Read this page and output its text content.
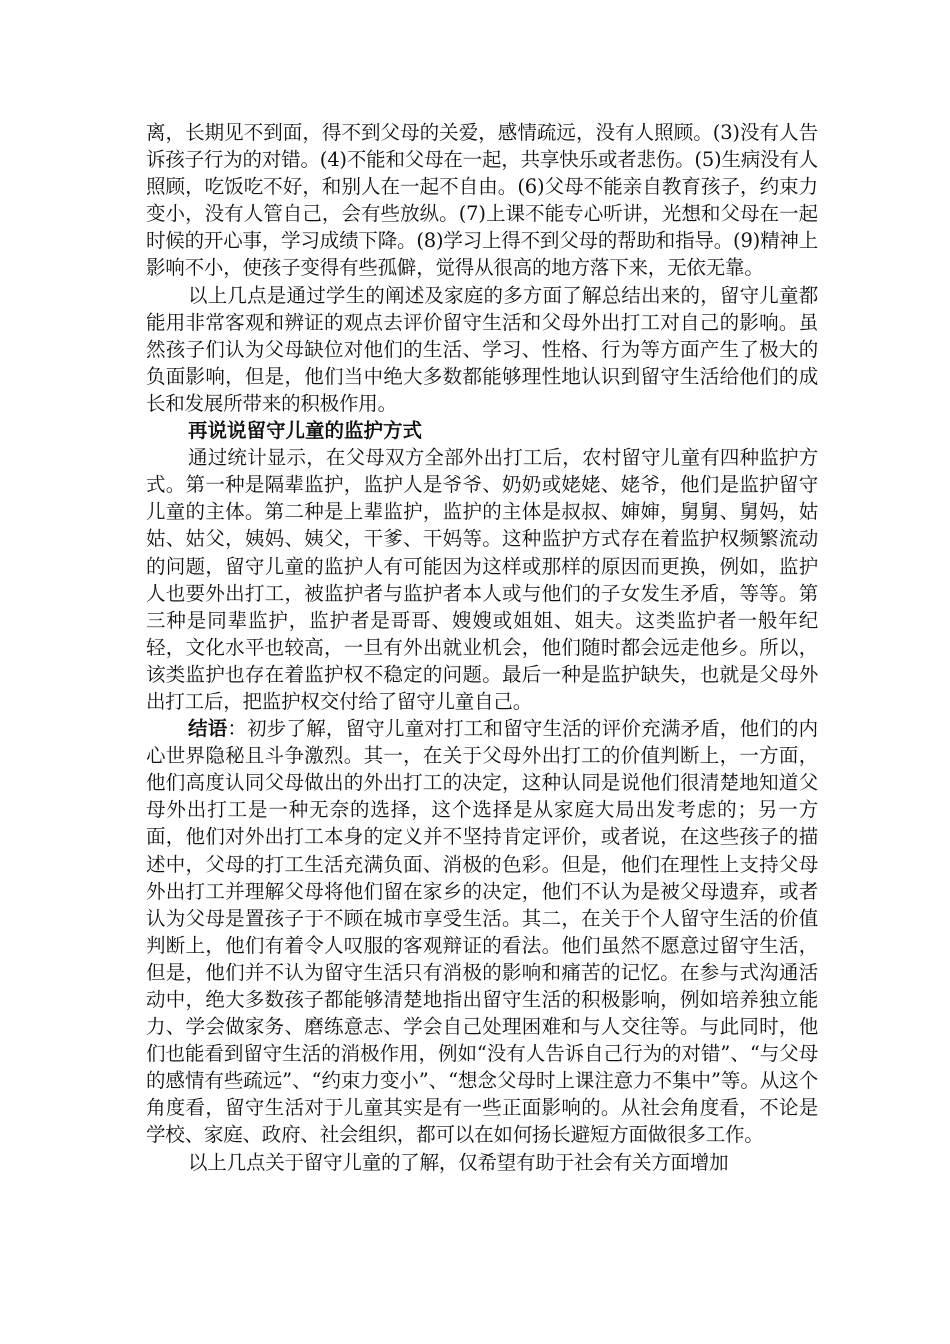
离，长期见不到面，得不到父母的关爱，感情疏远，没有人照顾。(3)没有人告诉孩子行为的对错。(4)不能和父母在一起，共享快乐或者悲伤。(5)生病没有人照顾，吃饭吃不好，和别人在一起不自由。(6)父母不能亲自教育孩子，约束力变小，没有人管自己，会有些放纵。(7)上课不能专心听讲，光想和父母在一起时候的开心事，学习成绩下降。(8)学习上得不到父母的帮助和指导。(9)精神上影响不小，使孩子变得有些孤僻，觉得从很高的地方落下来，无依无靠。

以上几点是通过学生的阐述及家庭的多方面了解总结出来的，留守儿童都能用非常客观和辨证的观点去评价留守生活和父母外出打工对自己的影响。虽然孩子们认为父母缺位对他们的生活、学习、性格、行为等方面产生了极大的负面影响，但是，他们当中绝大多数都能够理性地认识到留守生活给他们的成长和发展所带来的积极作用。

再说说留守儿童的监护方式

通过统计显示，在父母双方全部外出打工后，农村留守儿童有四种监护方式。第一种是隔辈监护，监护人是爷爷、奶奶或姥姥、姥爷，他们是监护留守儿童的主体。第二种是上辈监护，监护的主体是叔叔、婶婶，舅舅、舅妈，姑姑、姑父，姨妈、姨父，干爹、干妈等。这种监护方式存在着监护权频繁流动的问题，留守儿童的监护人有可能因为这样或那样的原因而更换，例如，监护人也要外出打工，被监护者与监护者本人或与他们的子女发生矛盾，等等。第三种是同辈监护，监护者是哥哥、嫂嫂或姐姐、姐夫。这类监护者一般年纪轻，文化水平也较高，一旦有外出就业机会，他们随时都会远走他乡。所以，该类监护也存在着监护权不稳定的问题。最后一种是监护缺失，也就是父母外出打工后，把监护权交付给了留守儿童自己。

结语：初步了解，留守儿童对打工和留守生活的评价充满矛盾，他们的内心世界隐秘且斗争激烈。其一，在关于父母外出打工的价值判断上，一方面，他们高度认同父母做出的外出打工的决定，这种认同是说他们很清楚地知道父母外出打工是一种无奈的选择，这个选择是从家庭大局出发考虑的；另一方面，他们对外出打工本身的定义并不坚持肯定评价，或者说，在这些孩子的描述中，父母的打工生活充满负面、消极的色彩。但是，他们在理性上支持父母外出打工并理解父母将他们留在家乡的决定，他们不认为是被父母遗弃，或者认为父母是置孩子于不顾在城市享受生活。其二，在关于个人留守生活的价值判断上，他们有着令人叹服的客观辩证的看法。他们虽然不愿意过留守生活，但是，他们并不认为留守生活只有消极的影响和痛苦的记忆。在参与式沟通活动中，绝大多数孩子都能够清楚地指出留守生活的积极影响，例如培养独立能力、学会做家务、磨练意志、学会自己处理困难和与人交往等。与此同时，他们也能看到留守生活的消极作用，例如“没有人告诉自己行为的对错”、“与父母的感情有些疏远”、“约束力变小”、“想念父母时上课注意力不集中”等。从这个角度看，留守生活对于儿童其实是有一些正面影响的。从社会角度看，不论是学校、家庭、政府、社会组织，都可以在如何扬长避短方面做很多工作。

以上几点关于留守儿童的了解，仅希望有助于社会有关方面增加
